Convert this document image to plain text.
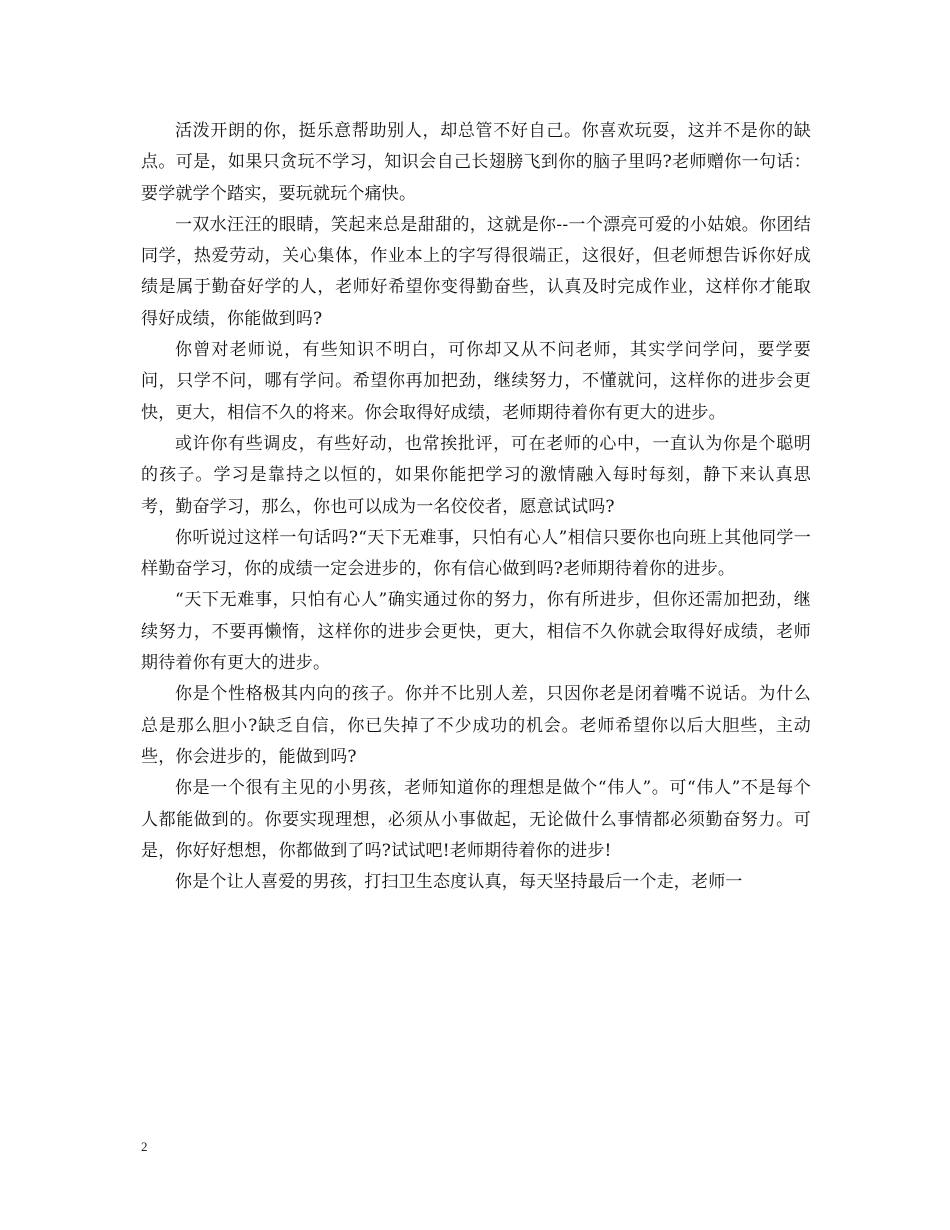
活泼开朗的你，挺乐意帮助别人，却总管不好自己。你喜欢玩耍，这并不是你的缺点。可是，如果只贪玩不学习，知识会自己长翅膀飞到你的脑子里吗?老师赠你一句话：要学就学个踏实，要玩就玩个痛快。

一双水汪汪的眼睛，笑起来总是甜甜的，这就是你--一个漂亮可爱的小姑娘。你团结同学，热爱劳动，关心集体，作业本上的字写得很端正，这很好，但老师想告诉你好成绩是属于勤奋好学的人，老师好希望你变得勤奋些，认真及时完成作业，这样你才能取得好成绩，你能做到吗?

你曾对老师说，有些知识不明白，可你却又从不问老师，其实学问学问，要学要问，只学不问，哪有学问。希望你再加把劲，继续努力，不懂就问，这样你的进步会更快，更大，相信不久的将来。你会取得好成绩，老师期待着你有更大的进步。

或许你有些调皮，有些好动，也常挨批评，可在老师的心中，一直认为你是个聪明的孩子。学习是靠持之以恒的，如果你能把学习的激情融入每时每刻，静下来认真思考，勤奋学习，那么，你也可以成为一名佼佼者，愿意试试吗?

你听说过这样一句话吗?“天下无难事，只怕有心人”相信只要你也向班上其他同学一样勤奋学习，你的成绩一定会进步的，你有信心做到吗?老师期待着你的进步。

“天下无难事，只怕有心人”确实通过你的努力，你有所进步，但你还需加把劲，继续努力，不要再懒惰，这样你的进步会更快，更大，相信不久你就会取得好成绩，老师期待着你有更大的进步。

你是个性格极其内向的孩子。你并不比别人差，只因你老是闭着嘴不说话。为什么总是那么胆小?缺乏自信，你已失掉了不少成功的机会。老师希望你以后大胆些，主动些，你会进步的，能做到吗?

你是一个很有主见的小男孩，老师知道你的理想是做个“伟人”。可“伟人”不是每个人都能做到的。你要实现理想，必须从小事做起，无论做什么事情都必须勤奋努力。可是，你好好想想，你都做到了吗?试试吧!老师期待着你的进步!

你是个让人喜爱的男孩，打扫卫生态度认真，每天坚持最后一个走，老师一

2
